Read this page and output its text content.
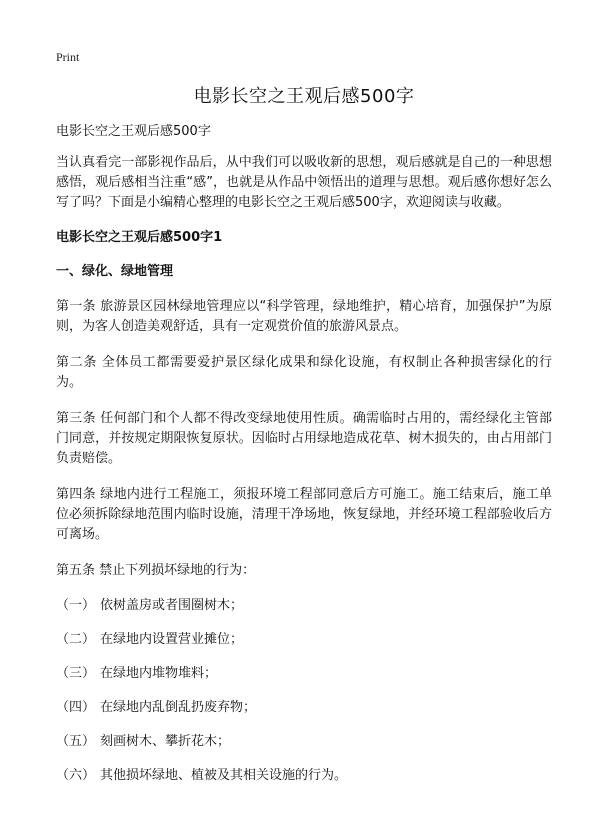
Print
电影长空之王观后感500字
电影长空之王观后感500字

当认真看完一部影视作品后，从中我们可以吸收新的思想，观后感就是自己的一种思想感悟，观后感相当注重“感”，也就是从作品中领悟出的道理与思想。观后感你想好怎么写了吗？下面是小编精心整理的电影长空之王观后感500字，欢迎阅读与收藏。

电影长空之王观后感500字1
一、绿化、绿地管理

第一条 旅游景区园林绿地管理应以“科学管理，绿地维护，精心培育，加强保护”为原则，为客人创造美观舒适，具有一定观赏价值的旅游风景点。

第二条 全体员工都需要爱护景区绿化成果和绿化设施，有权制止各种损害绿化的行为。

第三条 任何部门和个人都不得改变绿地使用性质。确需临时占用的，需经绿化主管部门同意，并按规定期限恢复原状。因临时占用绿地造成花草、树木损失的，由占用部门负责赔偿。

第四条 绿地内进行工程施工，须报环境工程部同意后方可施工。施工结束后，施工单位必须拆除绿地范围内临时设施，清理干净场地，恢复绿地，并经环境工程部验收后方可离场。

第五条 禁止下列损坏绿地的行为：

（一） 依树盖房或者围圈树木；
（二） 在绿地内设置营业摊位；
（三） 在绿地内堆物堆料；
（四） 在绿地内乱倒乱扔废弃物；
（五） 刻画树木、攀折花木；
（六） 其他损坏绿地、植被及其相关设施的行为。
